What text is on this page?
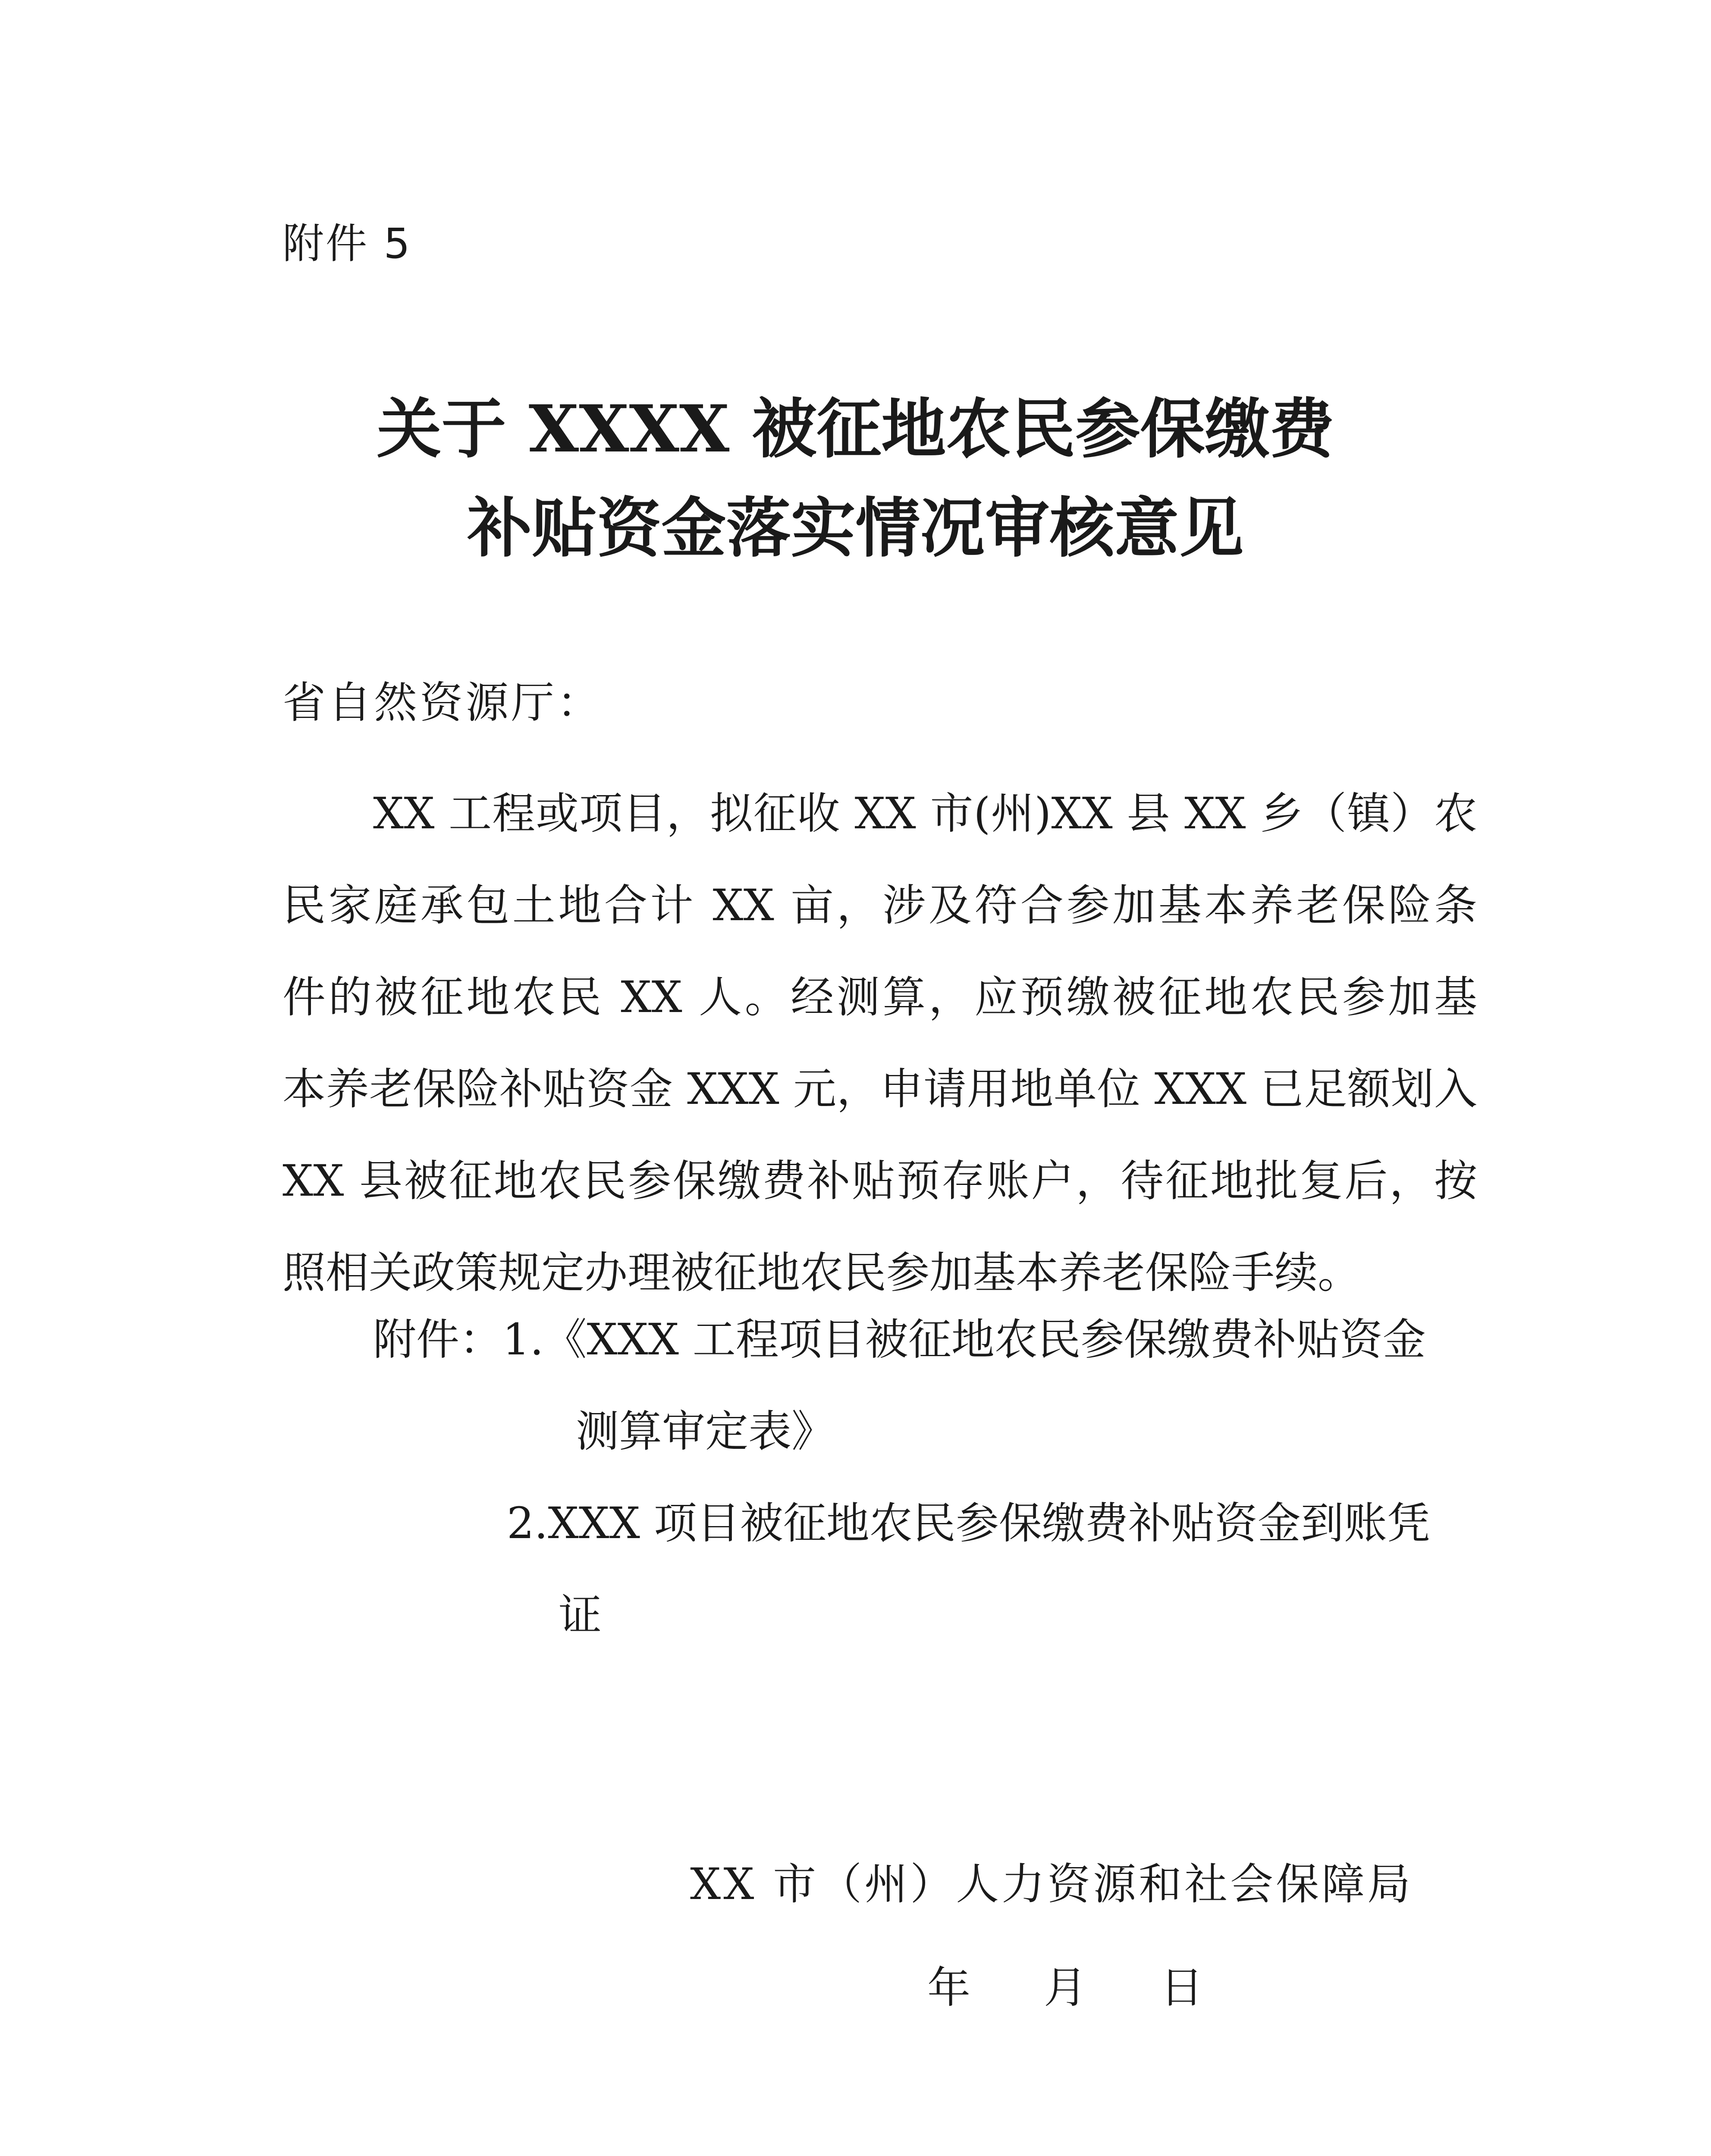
附件 5
关于 XXXX 被征地农民参保缴费
补贴资金落实情况审核意见
省自然资源厅：
XX 工程或项目，拟征收 XX 市(州)XX 县 XX 乡（镇）农
民家庭承包土地合计 XX 亩，涉及符合参加基本养老保险条
件的被征地农民 XX 人。经测算，应预缴被征地农民参加基
本养老保险补贴资金 XXX 元，申请用地单位 XXX 已足额划入
XX 县被征地农民参保缴费补贴预存账户，待征地批复后，按
照相关政策规定办理被征地农民参加基本养老保险手续。
附件：1.《XXX 工程项目被征地农民参保缴费补贴资金
测算审定表》
2.XXX 项目被征地农民参保缴费补贴资金到账凭
证
XX 市（州）人力资源和社会保障局
年 月 日
